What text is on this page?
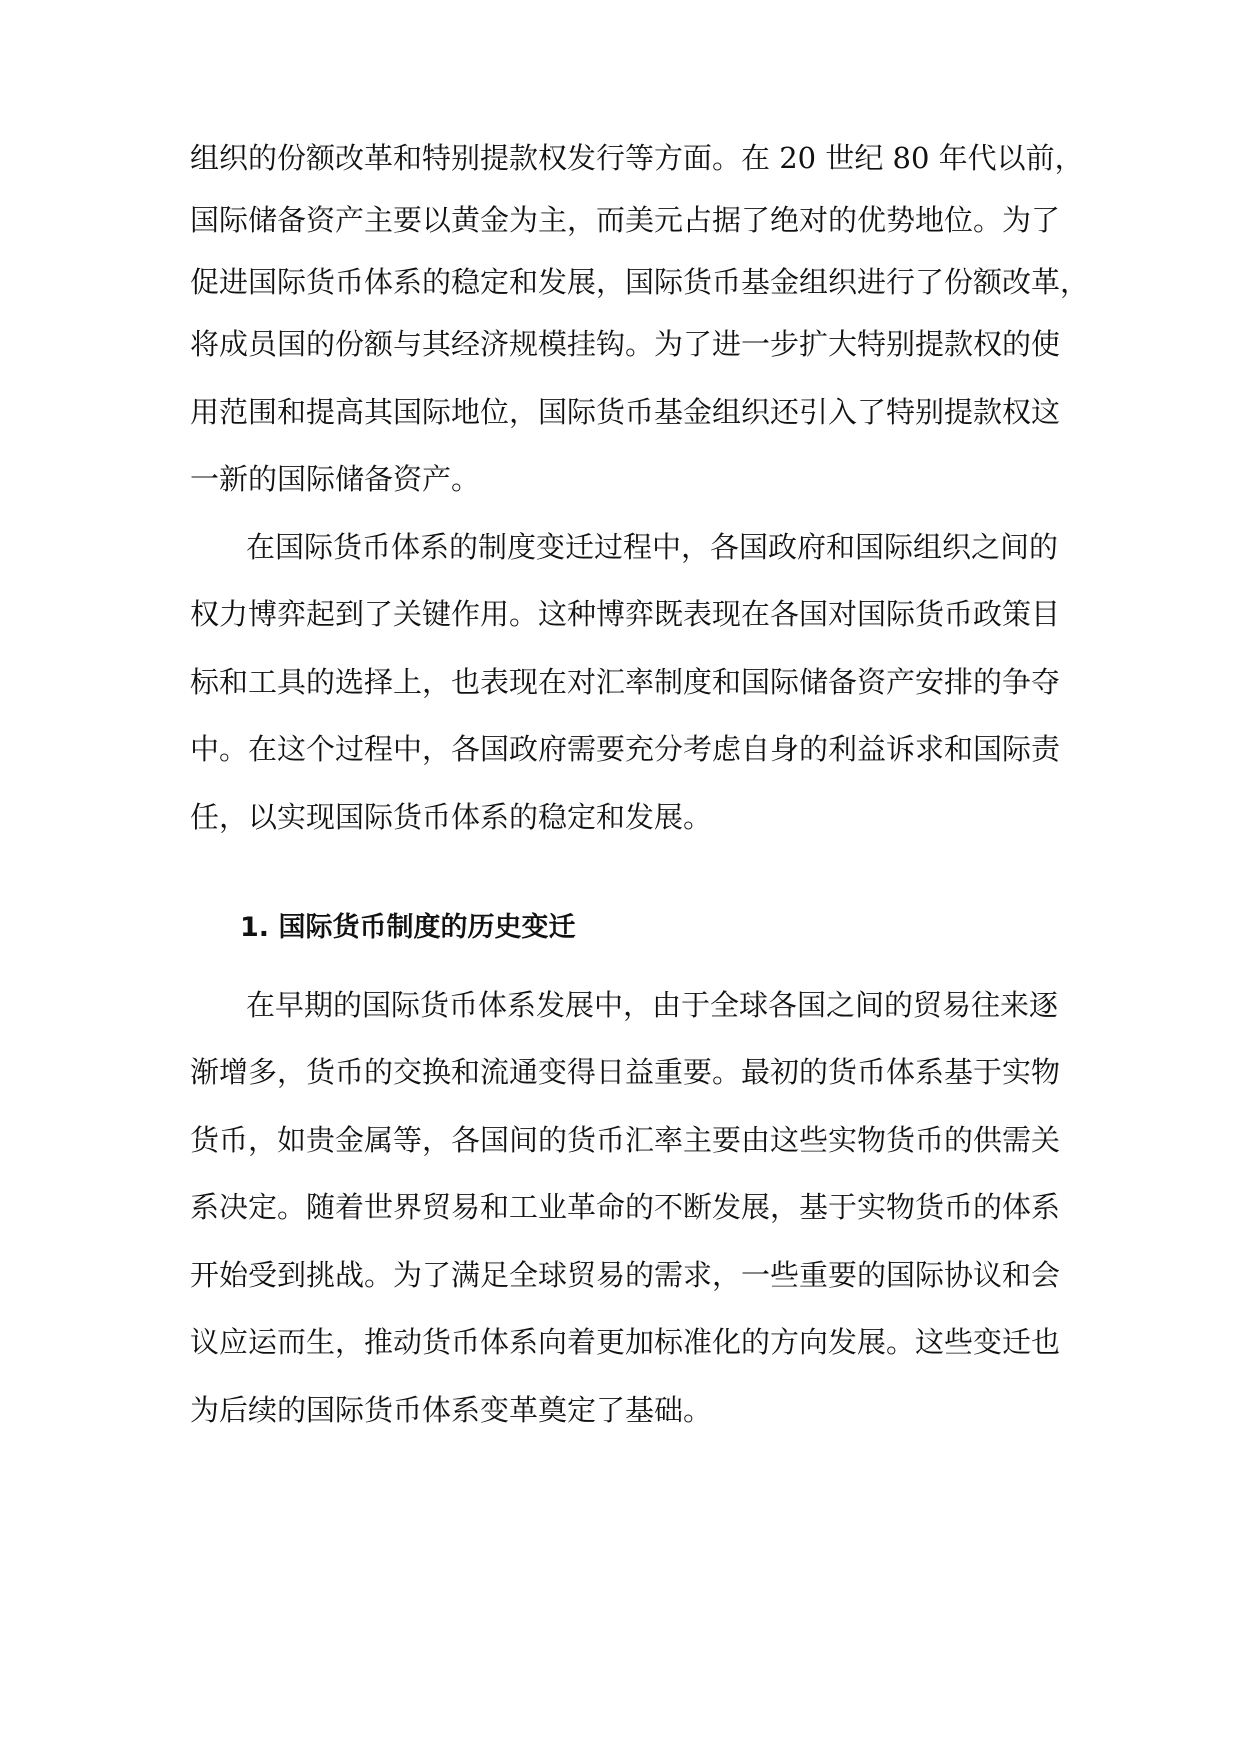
组织的份额改革和特别提款权发行等方面。在 20 世纪 80 年代以前，
国际储备资产主要以黄金为主，而美元占据了绝对的优势地位。为了
促进国际货币体系的稳定和发展，国际货币基金组织进行了份额改革，
将成员国的份额与其经济规模挂钩。为了进一步扩大特别提款权的使
用范围和提高其国际地位，国际货币基金组织还引入了特别提款权这
一新的国际储备资产。
在国际货币体系的制度变迁过程中，各国政府和国际组织之间的
权力博弈起到了关键作用。这种博弈既表现在各国对国际货币政策目
标和工具的选择上，也表现在对汇率制度和国际储备资产安排的争夺
中。在这个过程中，各国政府需要充分考虑自身的利益诉求和国际责
任，以实现国际货币体系的稳定和发展。
1. 国际货币制度的历史变迁
在早期的国际货币体系发展中，由于全球各国之间的贸易往来逐
渐增多，货币的交换和流通变得日益重要。最初的货币体系基于实物
货币，如贵金属等，各国间的货币汇率主要由这些实物货币的供需关
系决定。随着世界贸易和工业革命的不断发展，基于实物货币的体系
开始受到挑战。为了满足全球贸易的需求，一些重要的国际协议和会
议应运而生，推动货币体系向着更加标准化的方向发展。这些变迁也
为后续的国际货币体系变革奠定了基础。
